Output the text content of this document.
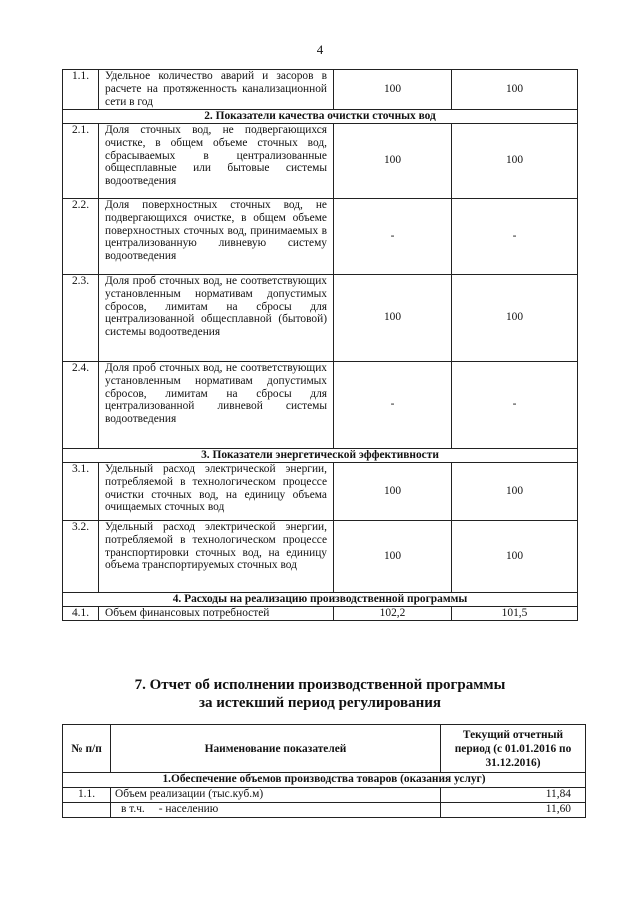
4
1.1.	Удельное количество аварий и засоров в расчете на протяженность канализационной сети в год	100	100
2. Показатели качества очистки сточных вод			
2.1.	Доля сточных вод, не подвергающихся очистке, в общем объеме сточных вод, сбрасываемых в централизованные общесплавные или бытовые системы водоотведения	100	100
2.2.	Доля поверхностных сточных вод, не подвергающихся очистке, в общем объеме поверхностных сточных вод, принимаемых в централизованную ливневую систему водоотведения	-	-
2.3.	Доля проб сточных вод, не соответствующих установленным нормативам допустимых сбросов, лимитам на сбросы для централизованной общесплавной (бытовой) системы водоотведения	100	100
2.4.	Доля проб сточных вод, не соответствующих установленным нормативам допустимых сбросов, лимитам на сбросы для централизованной ливневой системы водоотведения	-	-
3. Показатели энергетической эффективности			
3.1.	Удельный расход электрической энергии, потребляемой в технологическом процессе очистки сточных вод, на единицу объема очищаемых сточных вод	100	100
3.2.	Удельный расход электрической энергии, потребляемой в технологическом процессе транспортировки сточных вод, на единицу объема транспортируемых сточных вод	100	100
4. Расходы на реализацию производственной программы			
4.1.	Объем финансовых потребностей	102,2	101,5
7. Отчет об исполнении производственной программы
за истекший период регулирования
№ п/п	Наименование показателей	Текущий отчетный период (с 01.01.2016 по 31.12.2016)
1.Обеспечение объемов производства товаров (оказания услуг)		
1.1.	Объем реализации (тыс.куб.м)	11,84
	в т.ч. - населению	11,60
